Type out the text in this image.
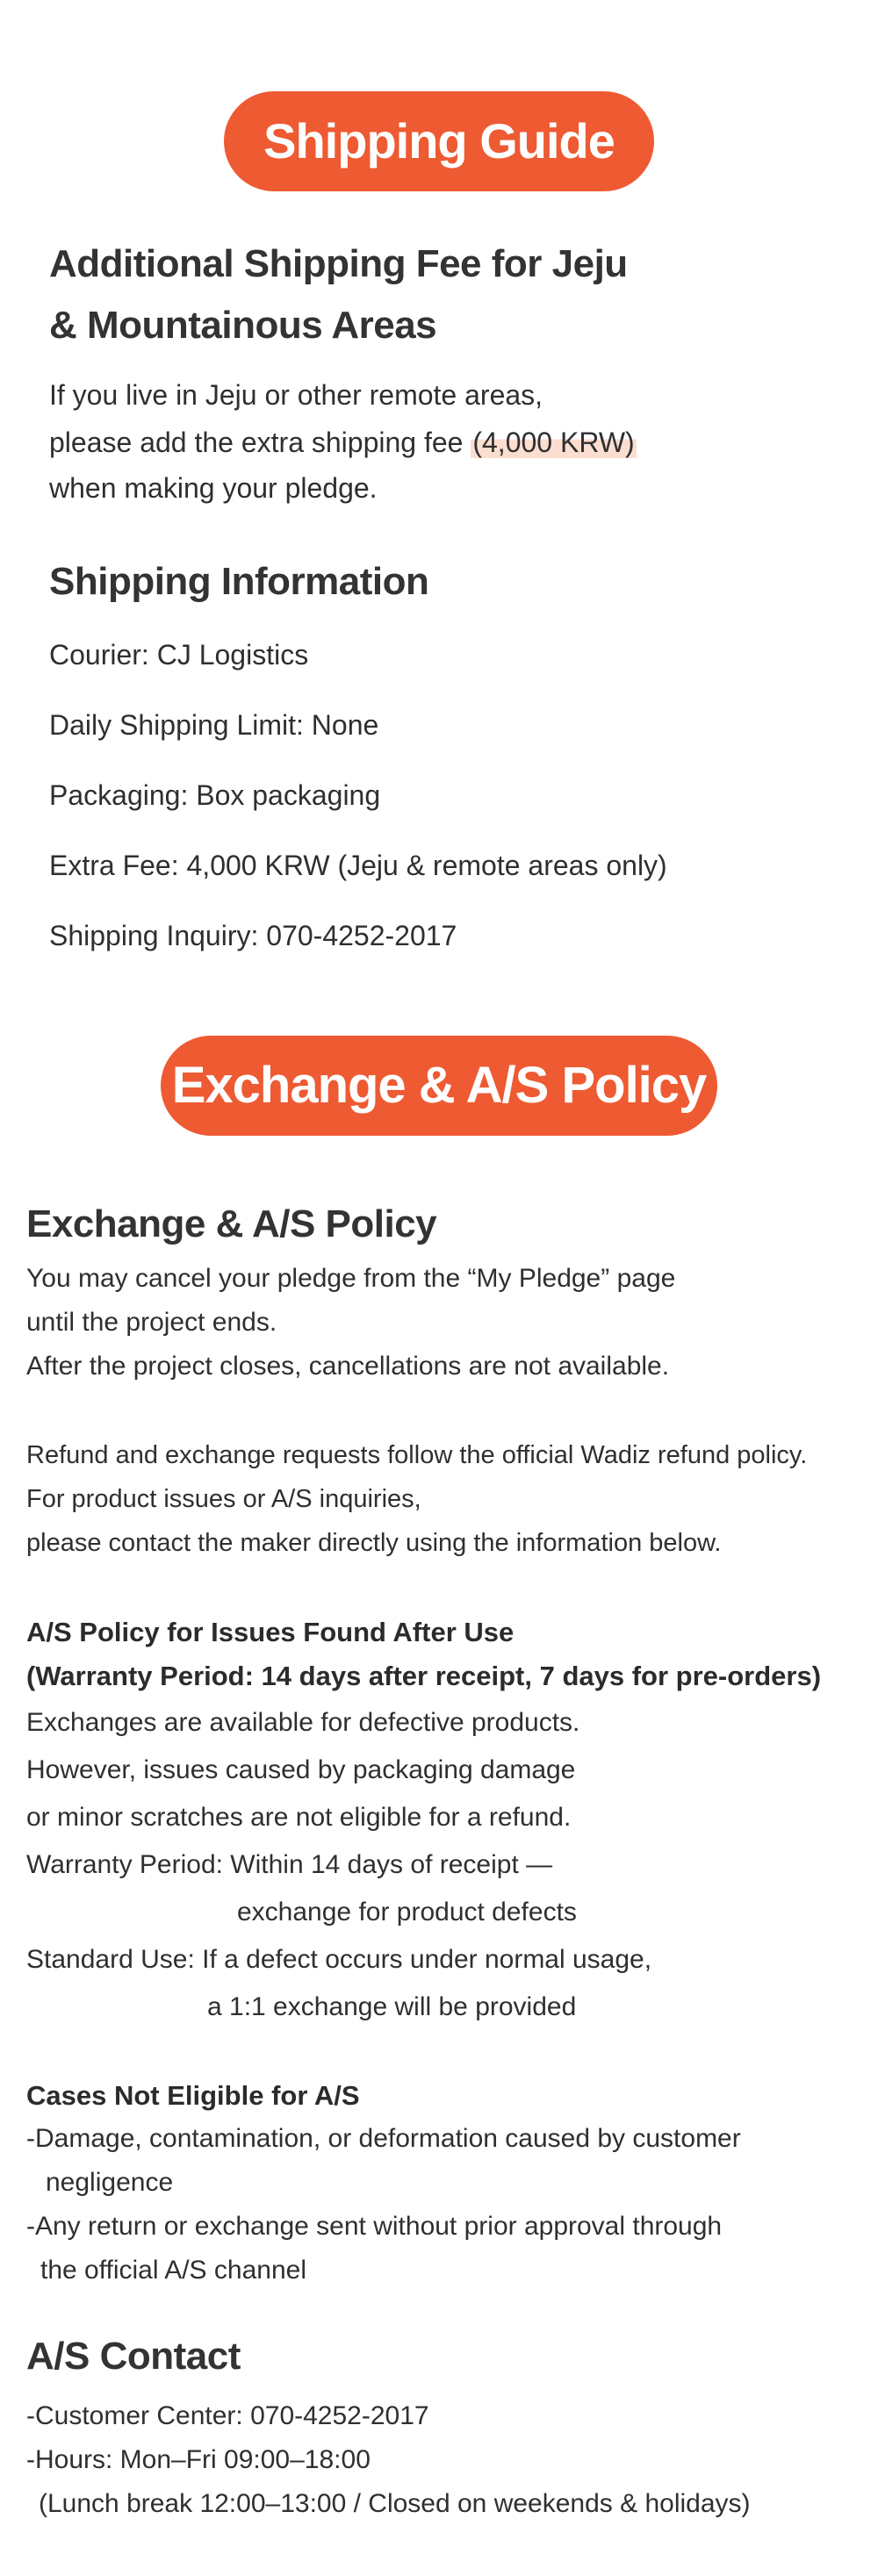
Shipping Guide
Additional Shipping Fee for Jeju
& Mountainous Areas
If you live in Jeju or other remote areas,
please add the extra shipping fee (4,000 KRW)
when making your pledge.
Shipping Information
Courier: CJ Logistics
Daily Shipping Limit: None
Packaging: Box packaging
Extra Fee: 4,000 KRW (Jeju & remote areas only)
Shipping Inquiry: 070-4252-2017
Exchange & A/S Policy
Exchange & A/S Policy
You may cancel your pledge from the “My Pledge” page
until the project ends.
After the project closes, cancellations are not available.
Refund and exchange requests follow the official Wadiz refund policy.
For product issues or A/S inquiries,
please contact the maker directly using the information below.
A/S Policy for Issues Found After Use
(Warranty Period: 14 days after receipt, 7 days for pre-orders)
Exchanges are available for defective products.
However, issues caused by packaging damage
or minor scratches are not eligible for a refund.
Warranty Period: Within 14 days of receipt —
exchange for product defects
Standard Use: If a defect occurs under normal usage,
a 1:1 exchange will be provided
Cases Not Eligible for A/S
-Damage, contamination, or deformation caused by customer
negligence
-Any return or exchange sent without prior approval through
the official A/S channel
A/S Contact
-Customer Center: 070-4252-2017
-Hours: Mon–Fri 09:00–18:00
(Lunch break 12:00–13:00 / Closed on weekends & holidays)
